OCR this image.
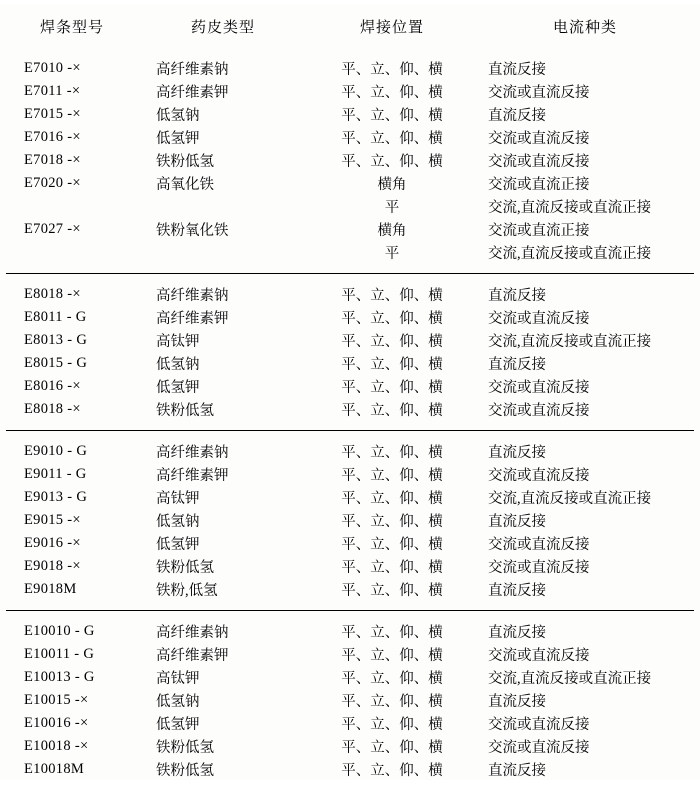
焊条型号	药皮类型	焊接位置	电流种类

E7010 -×	高纤维素钠	平、立、仰、横	直流反接

E7011 -×	高纤维素钾	平、立、仰、横	交流或直流反接

E7015 -×	低氢钠	平、立、仰、横	直流反接

E7016 -×	低氢钾	平、立、仰、横	交流或直流反接

E7018 -×	铁粉低氢	平、立、仰、横	交流或直流反接

E7020 -×	高氧化铁	横角	交流或直流正接

		平	交流,直流反接或直流正接

E7027 -×	铁粉氧化铁	横角	交流或直流正接

		平	交流,直流反接或直流正接

E8018 -×	高纤维素钠	平、立、仰、横	直流反接

E8011 - G	高纤维素钾	平、立、仰、横	交流或直流反接

E8013 - G	高钛钾	平、立、仰、横	交流,直流反接或直流正接

E8015 - G	低氢钠	平、立、仰、横	直流反接

E8016 -×	低氢钾	平、立、仰、横	交流或直流反接

E8018 -×	铁粉低氢	平、立、仰、横	交流或直流反接

E9010 - G	高纤维素钠	平、立、仰、横	直流反接

E9011 - G	高纤维素钾	平、立、仰、横	交流或直流反接

E9013 - G	高钛钾	平、立、仰、横	交流,直流反接或直流正接

E9015 -×	低氢钠	平、立、仰、横	直流反接

E9016 -×	低氢钾	平、立、仰、横	交流或直流反接

E9018 -×	铁粉低氢	平、立、仰、横	交流或直流反接

E9018M	铁粉,低氢	平、立、仰、横	直流反接

E10010 - G	高纤维素钠	平、立、仰、横	直流反接

E10011 - G	高纤维素钾	平、立、仰、横	交流或直流反接

E10013 - G	高钛钾	平、立、仰、横	交流,直流反接或直流正接

E10015 -×	低氢钠	平、立、仰、横	直流反接

E10016 -×	低氢钾	平、立、仰、横	交流或直流反接

E10018 -×	铁粉低氢	平、立、仰、横	交流或直流反接

E10018M	铁粉低氢	平、立、仰、横	直流反接
